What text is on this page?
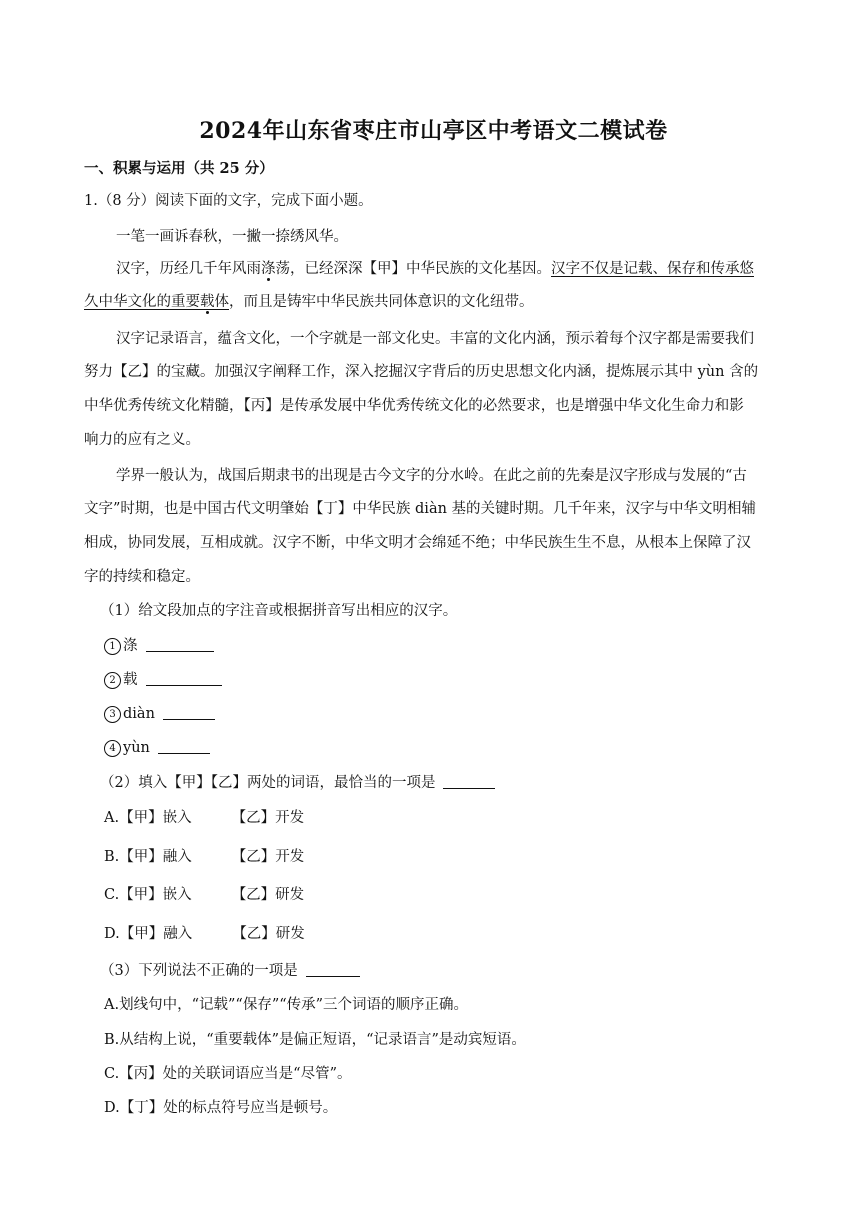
2024年山东省枣庄市山亭区中考语文二模试卷
一、积累与运用（共 25 分）
1.（8 分）阅读下面的文字，完成下面小题。
一笔一画诉春秋，一撇一捺绣风华。
汉字，历经几千年风雨涤荡，已经深深【甲】中华民族的文化基因。汉字不仅是记载、保存和传承悠
久中华文化的重要载体，而且是铸牢中华民族共同体意识的文化纽带。
汉字记录语言，蕴含文化，一个字就是一部文化史。丰富的文化内涵，预示着每个汉字都是需要我们
努力【乙】的宝藏。加强汉字阐释工作，深入挖掘汉字背后的历史思想文化内涵，提炼展示其中 yùn 含的
中华优秀传统文化精髓，【丙】是传承发展中华优秀传统文化的必然要求，也是增强中华文化生命力和影
响力的应有之义。
学界一般认为，战国后期隶书的出现是古今文字的分水岭。在此之前的先秦是汉字形成与发展的“古
文字”时期，也是中国古代文明肇始【丁】中华民族 diàn 基的关键时期。几千年来，汉字与中华文明相辅
相成，协同发展，互相成就。汉字不断，中华文明才会绵延不绝；中华民族生生不息，从根本上保障了汉
字的持续和稳定。
（1）给文段加点的字注音或根据拼音写出相应的汉字。
1 涤
2 载
3 diàn
4 yùn
（2）填入【甲】【乙】两处的词语，最恰当的一项是
A.【甲】嵌入	【乙】开发
B.【甲】融入	【乙】开发
C.【甲】嵌入	【乙】研发
D.【甲】融入	【乙】研发
（3）下列说法不正确的一项是
A.划线句中，“记载”“保存”“传承”三个词语的顺序正确。
B.从结构上说，“重要载体”是偏正短语，“记录语言”是动宾短语。
C.【丙】处的关联词语应当是“尽管”。
D.【丁】处的标点符号应当是顿号。
